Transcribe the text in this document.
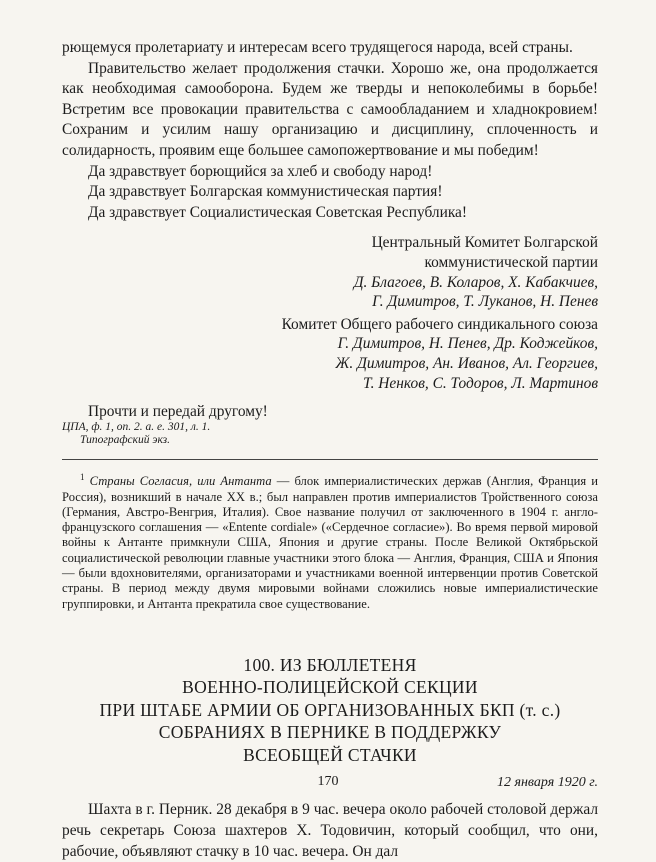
рющемуся пролетариату и интересам всего трудящегося народа, всей страны.

Правительство желает продолжения стачки. Хорошо же, она продолжается как необходимая самооборона. Будем же тверды и непоколебимы в борьбе! Встретим все провокации правительства с самообладанием и хладнокровием! Сохраним и усилим нашу организацию и дисциплину, сплоченность и солидарность, проявим еще большее самопожертвование и мы победим!

Да здравствует борющийся за хлеб и свободу народ!

Да здравствует Болгарская коммунистическая партия!

Да здравствует Социалистическая Советская Республика!

Центральный Комитет Болгарской
коммунистической партии
Д. Благоев, В. Коларов, Х. Кабакчиев,
Г. Димитров, Т. Луканов, Н. Пенев
Комитет Общего рабочего синдикального союза
Г. Димитров, Н. Пенев, Др. Коджейков,
Ж. Димитров, Ан. Иванов, Ал. Георгиев,
Т. Ненков, С. Тодоров, Л. Мартинов

Прочти и передай другому!

ЦПА, ф. 1, оп. 2. а. е. 301, л. 1.
Типографский экз.

$^1$ Страны Согласия, или Антанта — блок империалистических держав (Англия, Франция и Россия), возникший в начале XX в.; был направлен против империалистов Тройственного союза (Германия, Австро-Венгрия, Италия). Свое название получил от заключенного в 1904 г. англо-французского соглашения — «Entente cordiale» («Сердечное согласие»). Во время первой мировой войны к Антанте примкнули США, Япония и другие страны. После Великой Октябрьской социалистической революции главные участники этого блока — Англия, Франция, США и Япония — были вдохновителями, организаторами и участниками военной интервенции против Советской страны. В период между двумя мировыми войнами сложились новые империалистические группировки, и Антанта прекратила свое существование.

100. ИЗ БЮЛЛЕТЕНЯ
ВОЕННО-ПОЛИЦЕЙСКОЙ СЕКЦИИ
ПРИ ШТАБЕ АРМИИ ОБ ОРГАНИЗОВАННЫХ БКП (т. с.)
СОБРАНИЯХ В ПЕРНИКЕ В ПОДДЕРЖКУ
ВСЕОБЩЕЙ СТАЧКИ

12 января 1920 г.

Шахта в г. Перник. 28 декабря в 9 час. вечера около рабочей столовой держал речь секретарь Союза шахтеров Х. Тодовичин, который сообщил, что они, рабочие, объявляют стачку в 10 час. вечера. Он дал

170
